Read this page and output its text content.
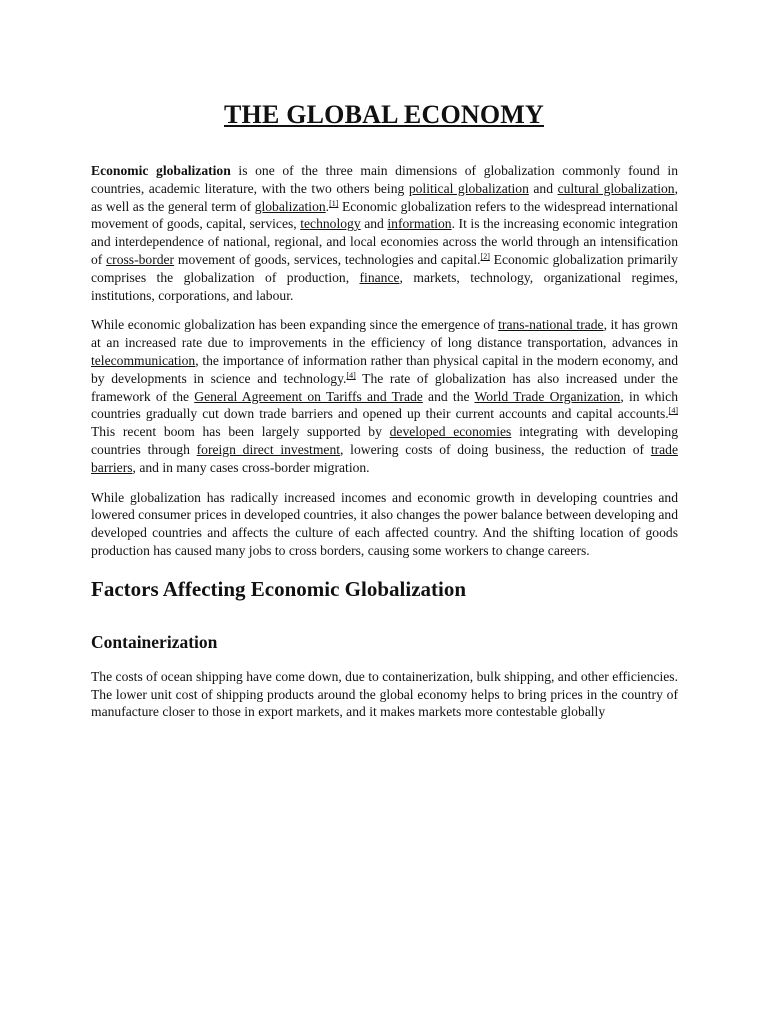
THE GLOBAL ECONOMY

Economic globalization is one of the three main dimensions of globalization commonly found in countries, academic literature, with the two others being political globalization and cultural globalization, as well as the general term of globalization.[1] Economic globalization refers to the widespread international movement of goods, capital, services, technology and information. It is the increasing economic integration and interdependence of national, regional, and local economies across the world through an intensification of cross-border movement of goods, services, technologies and capital.[2] Economic globalization primarily comprises the globalization of production, finance, markets, technology, organizational regimes, institutions, corporations, and labour.

While economic globalization has been expanding since the emergence of trans-national trade, it has grown at an increased rate due to improvements in the efficiency of long distance transportation, advances in telecommunication, the importance of information rather than physical capital in the modern economy, and by developments in science and technology.[4] The rate of globalization has also increased under the framework of the General Agreement on Tariffs and Trade and the World Trade Organization, in which countries gradually cut down trade barriers and opened up their current accounts and capital accounts.[4] This recent boom has been largely supported by developed economies integrating with developing countries through foreign direct investment, lowering costs of doing business, the reduction of trade barriers, and in many cases cross-border migration.

While globalization has radically increased incomes and economic growth in developing countries and lowered consumer prices in developed countries, it also changes the power balance between developing and developed countries and affects the culture of each affected country. And the shifting location of goods production has caused many jobs to cross borders, causing some workers to change careers.

Factors Affecting Economic Globalization
Containerization

The costs of ocean shipping have come down, due to containerization, bulk shipping, and other efficiencies. The lower unit cost of shipping products around the global economy helps to bring prices in the country of manufacture closer to those in export markets, and it makes markets more contestable globally
